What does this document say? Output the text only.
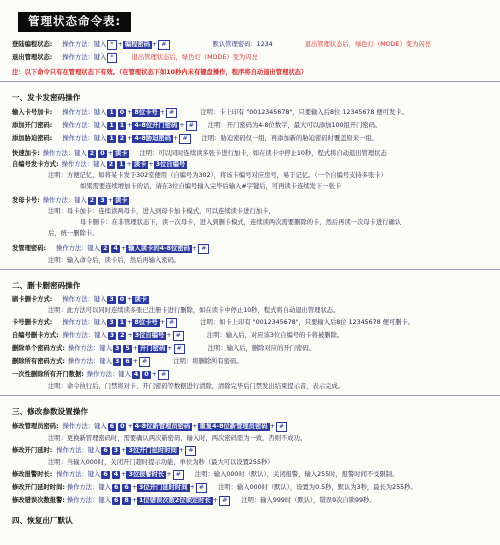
管理状态命令表:
登陆编程状态: 操作方法：键入 * + 编程密码 + #	默认管理密码：1234	退出管理状态后，绿色灯（MODE）变为闪亮
退出管理状态: 操作方法：键入 *	退出管理状态后，绿色灯（MODE）变为闪亮
注：以下命令只有在管理状态下有效。（在管理状态下如10秒内未有键盘操作，程序将自动退出管理状态）
一、发卡发密码操作
输入卡号加卡: 操作方法：键入 1 0 + 8位卡号 + #	注明：卡上印有 "0012345678"，只要输入后8位 12345678 便可发卡。
添加开门密码: 操作方法：键入 1 1 + 4-8位开门密码 + #	注明：开门密码为4-8位数字，最大可以添加100组开门密码。
添加胁迫密码: 操作方法：键入 1 2 + 4-8胁迫密码 + #	注明：胁迫密码仅一组，再添加新的胁迫密码时覆盖原来一组。
快速加卡: 操作方法：键入 2 0 + 读卡	注明：可以同时连续读多张卡进行加卡，如在读卡中停止10秒，程式将自动退出管理状态
自编号发卡方式: 操作方法：键入 2 1 + 读卡 + 3位自编号
注明：方便记忆，如将某卡发于302室便用（自编号为302），将该卡编号对应房号，易于记忆。（一个自编号支持多张卡）
如果需要连续增加卡的话，请在3位自编号输入完毕后输入#字键后，可再读卡连续发下一张卡
发母卡号: 操作方法：键入 2 3 + 读卡
注明：母卡加卡：连续读两母卡，进入到母卡加卡模式，可以连续读卡进行加卡，
母卡删卡：在非管理状态下，读一次母卡，进入到删卡模式，连续读两次需要删除的卡，然后再读一次母卡进行确认
后，统一删除卡。
发管理密码: 操作方法：键入 2 4 + 输入读卡的4-8位密码 + #
注明：输入命令后，读卡后，然后再输入密码。
二、删卡删密码操作
刷卡删卡方式: 操作方法：键入 3 0 + 读卡
注明：此方法可以同时连续读多张已注册卡进行删除，如在读卡中停止10秒，程式将自动退出管理状态。
卡号删卡方式: 操作方法：键入 3 1 + 8位卡号 + #	注明：如卡上印有 "0012345678"，只要输入后8位 12345678 便可删卡。
自编号删卡方式: 操作方法：键入 3 2 + 3位自编号 + #	注明：输入后，对应该3位自编号的卡将被删除。
删除单个密码方式: 操作方法：键入 3 5 + 开门密码 + #	注明：输入后，删除对应的开门密码。
删除所有密码方式: 操作方法：键入 3 6 + #	注明：将删除所有密码。
一次性删除所有开门数据: 操作方法：键入 4 0 + #
注明：命令执行后，门禁将对卡、开门密码等数据进行清除，清除完毕后门禁发出结束提示音，表示完成。
三、修改参数设置操作
修改管理员密码: 操作方法：键入 6 0 + 4-8位新管理员密码 + 重复4-8位新管理员密码 + #
注明：更换新管理密码时，需要确认两次新密码，输入时，两次密码需为一致，否则不成功。
修改开门延时: 操作方法：键入 6 3 + 3位开门延时时间 + #
注明：当输入000时，关闭开门超时提示功能，单位为秒（最大可以设置255秒）
修改报警时长: 操作方法：键入 6 4 + 3位报警时长 + #	注明：输入000时（默认），关闭报警，输入255时，报警时间不受限制。
修改开门延时时间: 操作方法：键入 6 6 + 3位开门延时时间 + #	注明：输入000时（默认），设置为0.5秒，默认为3秒，最长为255秒。
修改错误次数报警: 操作方法：键入 6 8 + 1位错误次数2位锁定时长 + #	注明：输入999时（默认），错误9次自锁99秒。
四、恢复出厂默认
